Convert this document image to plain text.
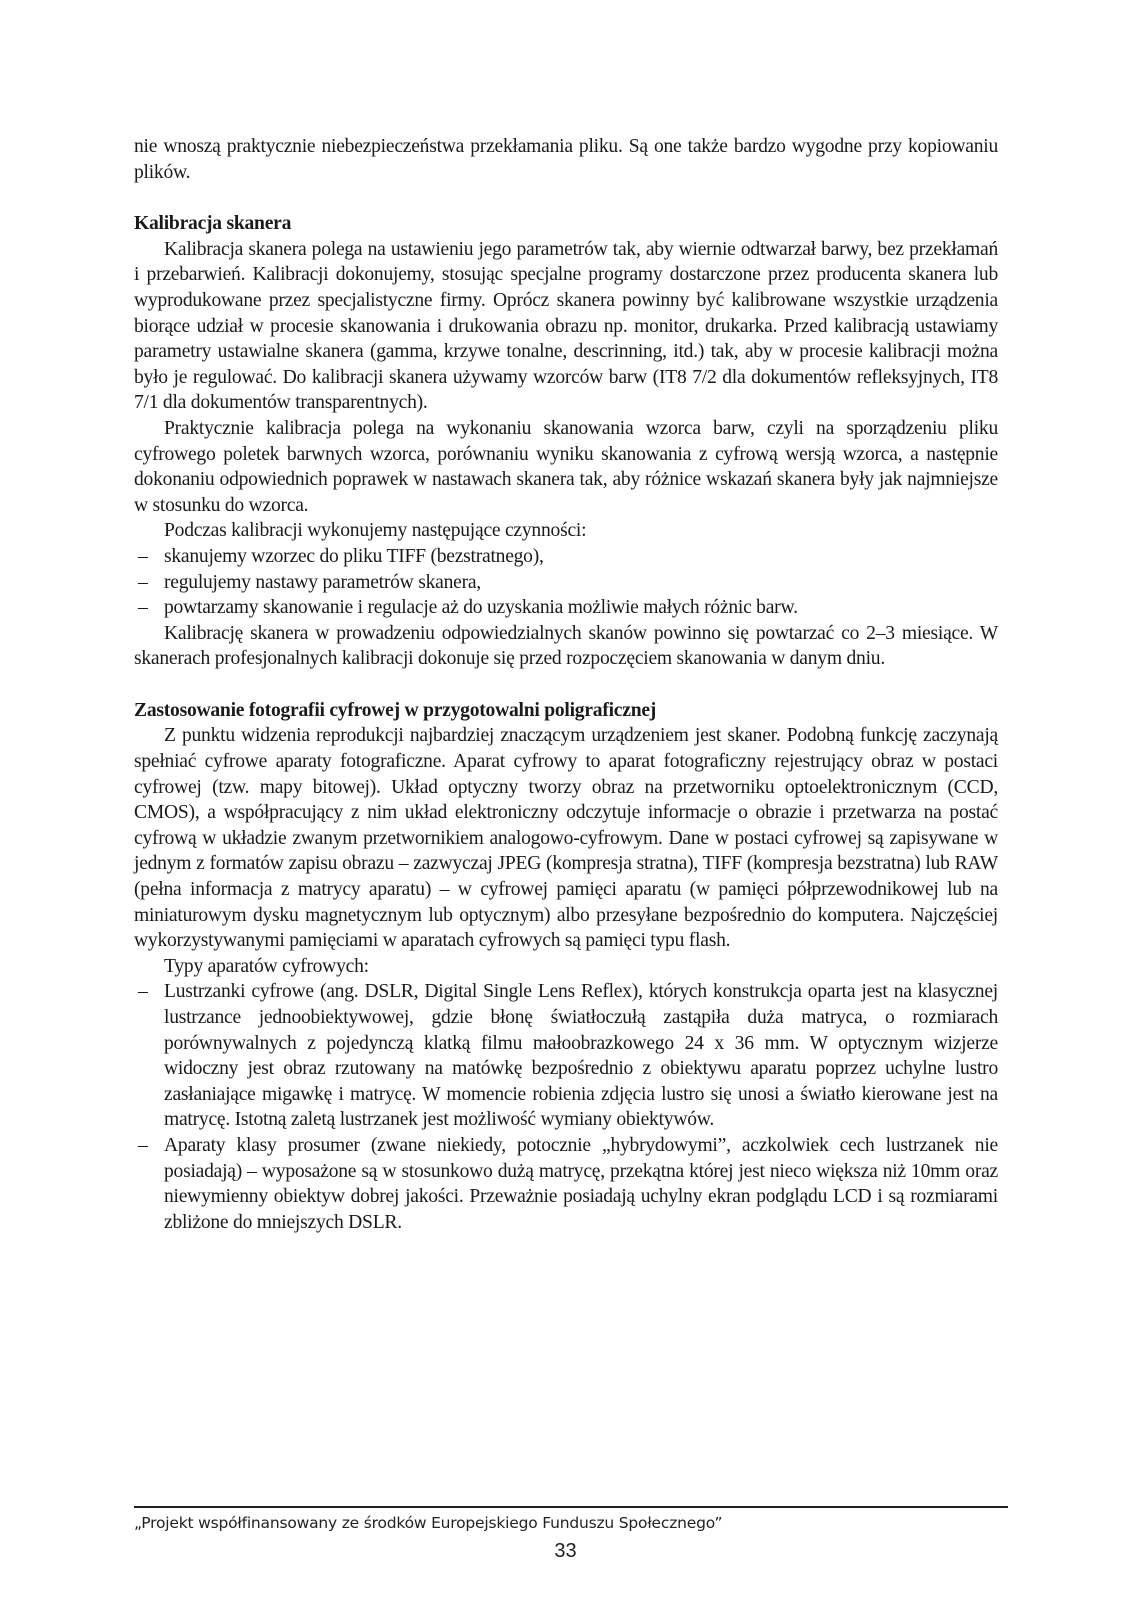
nie wnoszą praktycznie niebezpieczeństwa przekłamania pliku. Są one także bardzo wygodne przy kopiowaniu plików.

Kalibracja skanera

Kalibracja skanera polega na ustawieniu jego parametrów tak, aby wiernie odtwarzał barwy, bez przekłamań i przebarwień. Kalibracji dokonujemy, stosując specjalne programy dostarczone przez producenta skanera lub wyprodukowane przez specjalistyczne firmy. Oprócz skanera powinny być kalibrowane wszystkie urządzenia biorące udział w procesie skanowania i drukowania obrazu np. monitor, drukarka. Przed kalibracją ustawiamy parametry ustawialne skanera (gamma, krzywe tonalne, descrinning, itd.) tak, aby w procesie kalibracji można było je regulować. Do kalibracji skanera używamy wzorców barw (IT8 7/2 dla dokumentów refleksyjnych, IT8 7/1 dla dokumentów transparentnych).

Praktycznie kalibracja polega na wykonaniu skanowania wzorca barw, czyli na sporządzeniu pliku cyfrowego poletek barwnych wzorca, porównaniu wyniku skanowania z cyfrową wersją wzorca, a następnie dokonaniu odpowiednich poprawek w nastawach skanera tak, aby różnice wskazań skanera były jak najmniejsze w stosunku do wzorca.

Podczas kalibracji wykonujemy następujące czynności:

– skanujemy wzorzec do pliku TIFF (bezstratnego),
– regulujemy nastawy parametrów skanera,
– powtarzamy skanowanie i regulacje aż do uzyskania możliwie małych różnic barw.

Kalibrację skanera w prowadzeniu odpowiedzialnych skanów powinno się powtarzać co 2–3 miesiące. W skanerach profesjonalnych kalibracji dokonuje się przed rozpoczęciem skanowania w danym dniu.

Zastosowanie fotografii cyfrowej w przygotowalni poligraficznej

Z punktu widzenia reprodukcji najbardziej znaczącym urządzeniem jest skaner. Podobną funkcję zaczynają spełniać cyfrowe aparaty fotograficzne. Aparat cyfrowy to aparat fotograficzny rejestrujący obraz w postaci cyfrowej (tzw. mapy bitowej). Układ optyczny tworzy obraz na przetworniku optoelektronicznym (CCD, CMOS), a współpracujący z nim układ elektroniczny odczytuje informacje o obrazie i przetwarza na postać cyfrową w układzie zwanym przetwornikiem analogowo-cyfrowym. Dane w postaci cyfrowej są zapisywane w jednym z formatów zapisu obrazu – zazwyczaj JPEG (kompresja stratna), TIFF (kompresja bezstratna) lub RAW (pełna informacja z matrycy aparatu) – w cyfrowej pamięci aparatu (w pamięci półprzewodnikowej lub na miniaturowym dysku magnetycznym lub optycznym) albo przesyłane bezpośrednio do komputera. Najczęściej wykorzystywanymi pamięciami w aparatach cyfrowych są pamięci typu flash.

Typy aparatów cyfrowych:

– Lustrzanki cyfrowe (ang. DSLR, Digital Single Lens Reflex), których konstrukcja oparta jest na klasycznej lustrzance jednoobiektywowej, gdzie błonę światłoczułą zastąpiła duża matryca, o rozmiarach porównywalnych z pojedynczą klatką filmu małoobrazkowego 24 x 36 mm. W optycznym wizjerze widoczny jest obraz rzutowany na matówkę bezpośrednio z obiektywu aparatu poprzez uchylne lustro zasłaniające migawkę i matrycę. W momencie robienia zdjęcia lustro się unosi a światło kierowane jest na matrycę. Istotną zaletą lustrzanek jest możliwość wymiany obiektywów.
– Aparaty klasy prosumer (zwane niekiedy, potocznie „hybrydowymi”, aczkolwiek cech lustrzanek nie posiadają) – wyposażone są w stosunkowo dużą matrycę, przekątna której jest nieco większa niż 10mm oraz niewymienny obiektyw dobrej jakości. Przeważnie posiadają uchylny ekran podglądu LCD i są rozmiarami zbliżone do mniejszych DSLR.
„Projekt współfinansowany ze środków Europejskiego Funduszu Społecznego”
33
